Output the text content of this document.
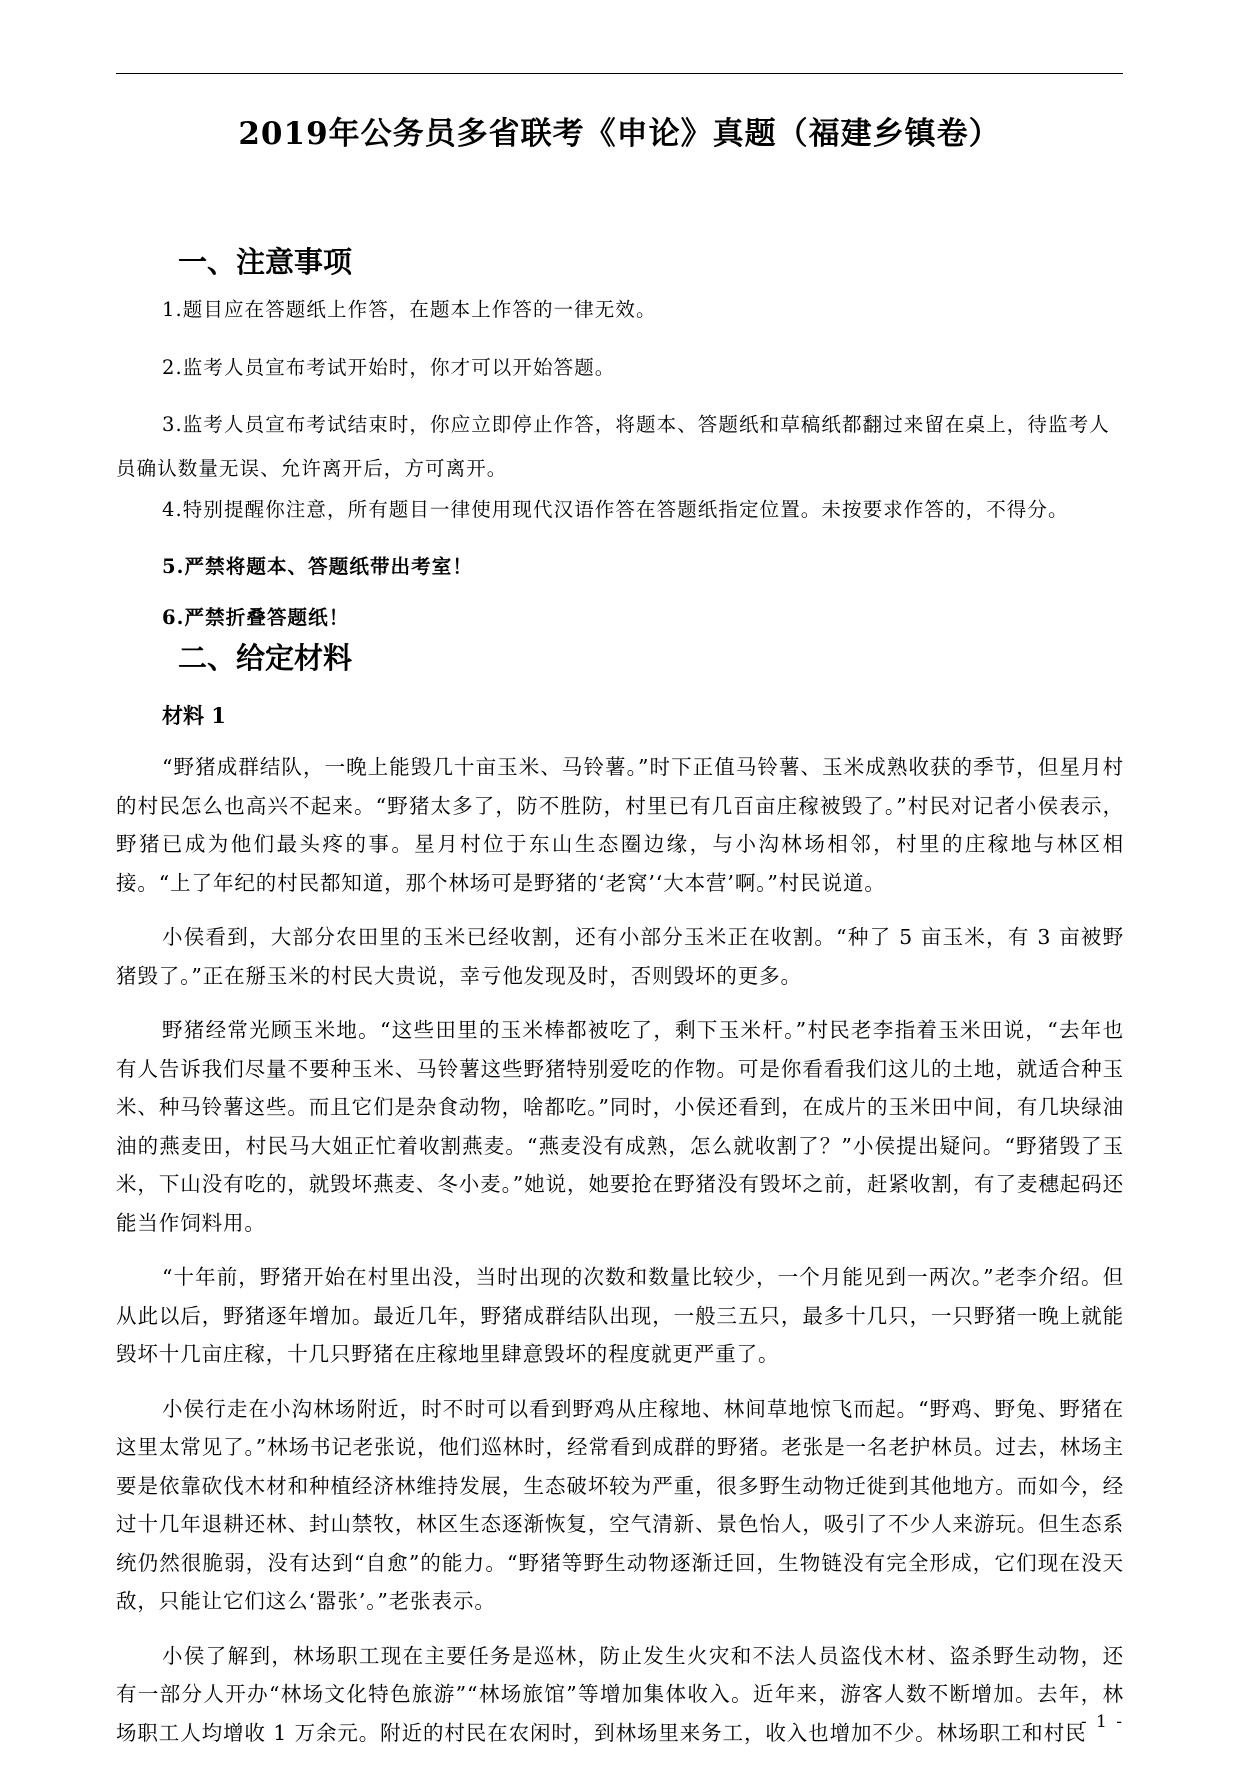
2019年公务员多省联考《申论》真题（福建乡镇卷）
一、注意事项

1.题目应在答题纸上作答，在题本上作答的一律无效。

2.监考人员宣布考试开始时，你才可以开始答题。

3.监考人员宣布考试结束时，你应立即停止作答，将题本、答题纸和草稿纸都翻过来留在桌上，待监考人员确认数量无误、允许离开后，方可离开。

4.特别提醒你注意，所有题目一律使用现代汉语作答在答题纸指定位置。未按要求作答的，不得分。

5.严禁将题本、答题纸带出考室！

6.严禁折叠答题纸！

二、给定材料
材料 1

“野猪成群结队，一晚上能毁几十亩玉米、马铃薯。”时下正值马铃薯、玉米成熟收获的季节，但星月村的村民怎么也高兴不起来。“野猪太多了，防不胜防，村里已有几百亩庄稼被毁了。”村民对记者小侯表示，野猪已成为他们最头疼的事。星月村位于东山生态圈边缘，与小沟林场相邻，村里的庄稼地与林区相接。“上了年纪的村民都知道，那个林场可是野猪的‘老窝’‘大本营’啊。”村民说道。

小侯看到，大部分农田里的玉米已经收割，还有小部分玉米正在收割。“种了 5 亩玉米，有 3 亩被野猪毁了。”正在掰玉米的村民大贵说，幸亏他发现及时，否则毁坏的更多。

野猪经常光顾玉米地。“这些田里的玉米棒都被吃了，剩下玉米杆。”村民老李指着玉米田说，“去年也有人告诉我们尽量不要种玉米、马铃薯这些野猪特别爱吃的作物。可是你看看我们这儿的土地，就适合种玉米、种马铃薯这些。而且它们是杂食动物，啥都吃。”同时，小侯还看到，在成片的玉米田中间，有几块绿油油的燕麦田，村民马大姐正忙着收割燕麦。“燕麦没有成熟，怎么就收割了？”小侯提出疑问。“野猪毁了玉米，下山没有吃的，就毁坏燕麦、冬小麦。”她说，她要抢在野猪没有毁坏之前，赶紧收割，有了麦穗起码还能当作饲料用。

“十年前，野猪开始在村里出没，当时出现的次数和数量比较少，一个月能见到一两次。”老李介绍。但从此以后，野猪逐年增加。最近几年，野猪成群结队出现，一般三五只，最多十几只，一只野猪一晚上就能毁坏十几亩庄稼，十几只野猪在庄稼地里肆意毁坏的程度就更严重了。

小侯行走在小沟林场附近，时不时可以看到野鸡从庄稼地、林间草地惊飞而起。“野鸡、野兔、野猪在这里太常见了。”林场书记老张说，他们巡林时，经常看到成群的野猪。老张是一名老护林员。过去，林场主要是依靠砍伐木材和种植经济林维持发展，生态破坏较为严重，很多野生动物迁徙到其他地方。而如今，经过十几年退耕还林、封山禁牧，林区生态逐渐恢复，空气清新、景色怡人，吸引了不少人来游玩。但生态系统仍然很脆弱，没有达到“自愈”的能力。“野猪等野生动物逐渐迁回，生物链没有完全形成，它们现在没天敌，只能让它们这么‘嚣张’。”老张表示。

小侯了解到，林场职工现在主要任务是巡林，防止发生火灾和不法人员盗伐木材、盗杀野生动物，还有一部分人开办“林场文化特色旅游”“林场旅馆”等增加集体收入。近年来，游客人数不断增加。去年，林场职工人均增收 1 万余元。附近的村民在农闲时，到林场里来务工，收入也增加不少。林场职工和村民

- 1 -
